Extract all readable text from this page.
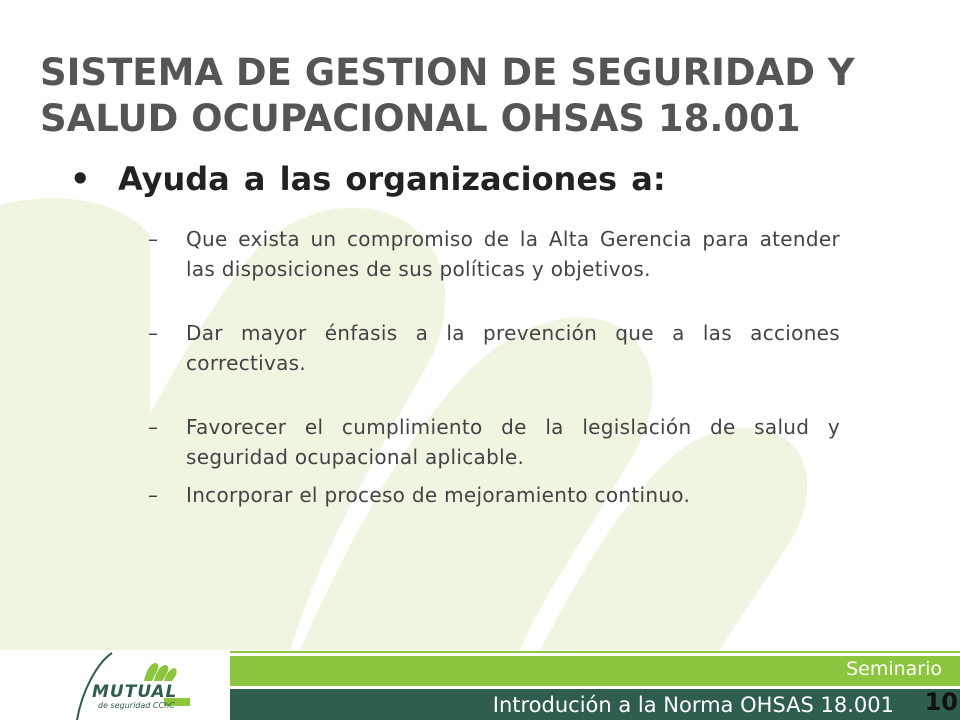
SISTEMA DE GESTION DE SEGURIDAD Y
SALUD OCUPACIONAL OHSAS 18.001
• Ayuda a las organizaciones a:
– Que exista un compromiso de la Alta Gerencia para atender las disposiciones de sus políticas y objetivos.
– Dar mayor énfasis a la prevención que a las acciones correctivas.
– Favorecer el cumplimiento de la legislación de salud y seguridad ocupacional aplicable.
– Incorporar el proceso de mejoramiento continuo.
Seminario
Introdución a la Norma OHSAS 18.001 10
MUTUAL
de seguridad CChC
